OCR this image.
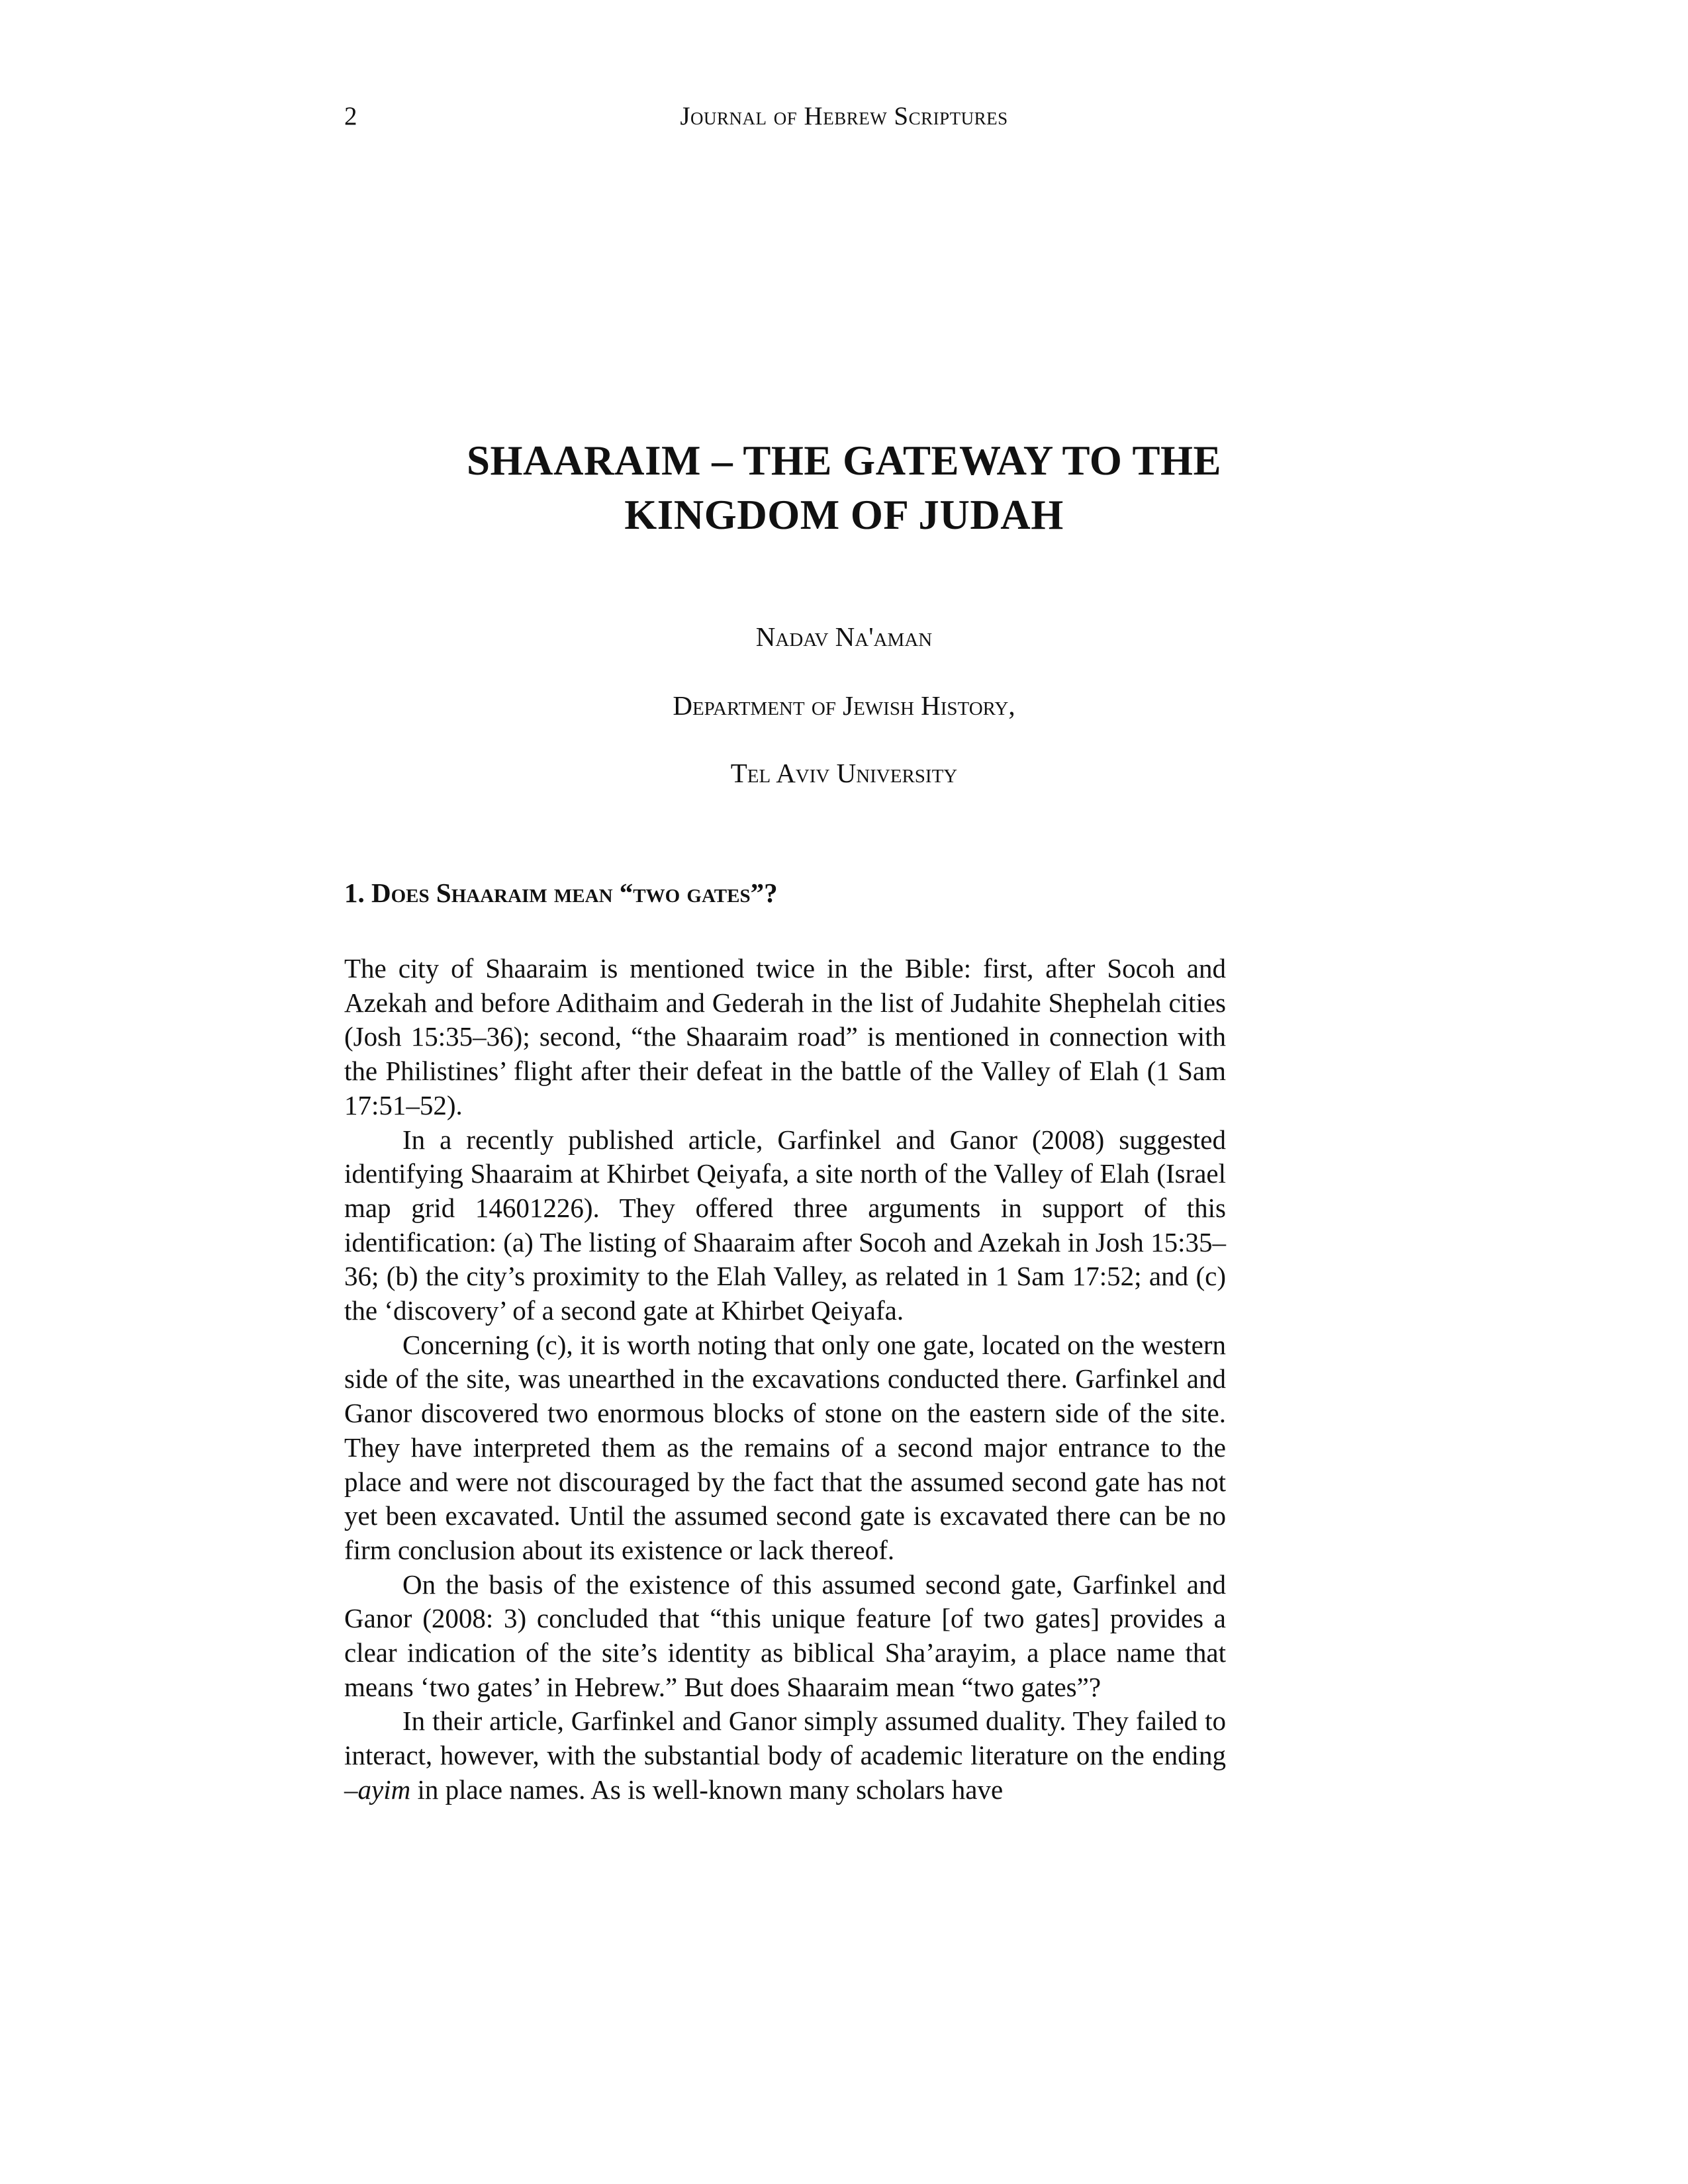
2	Journal of Hebrew Scriptures
SHAARAIM – THE GATEWAY TO THE
KINGDOM OF JUDAH
Nadav Na'aman
Department of Jewish History,
Tel Aviv University
1. Does Shaaraim mean “two gates”?

The city of Shaaraim is mentioned twice in the Bible: first, after Socoh and Azekah and before Adithaim and Gederah in the list of Judahite Shephelah cities (Josh 15:35–36); second, “the Shaaraim road” is mentioned in connection with the Philistines’ flight after their defeat in the battle of the Valley of Elah (1 Sam 17:51–52).

In a recently published article, Garfinkel and Ganor (2008) suggested identifying Shaaraim at Khirbet Qeiyafa, a site north of the Valley of Elah (Israel map grid 14601226). They offered three arguments in support of this identification: (a) The listing of Shaaraim after Socoh and Azekah in Josh 15:35–36; (b) the city’s proximity to the Elah Valley, as related in 1 Sam 17:52; and (c) the ‘discovery’ of a second gate at Khirbet Qeiyafa.

Concerning (c), it is worth noting that only one gate, located on the western side of the site, was unearthed in the excavations conducted there. Garfinkel and Ganor discovered two enormous blocks of stone on the eastern side of the site. They have interpreted them as the remains of a second major entrance to the place and were not discouraged by the fact that the assumed second gate has not yet been excavated. Until the assumed second gate is excavated there can be no firm conclusion about its existence or lack thereof.

On the basis of the existence of this assumed second gate, Garfinkel and Ganor (2008: 3) concluded that “this unique feature [of two gates] provides a clear indication of the site’s identity as biblical Sha’arayim, a place name that means ‘two gates’ in Hebrew.” But does Shaaraim mean “two gates”?

In their article, Garfinkel and Ganor simply assumed duality. They failed to interact, however, with the substantial body of academic literature on the ending –ayim in place names. As is well-known many scholars have
